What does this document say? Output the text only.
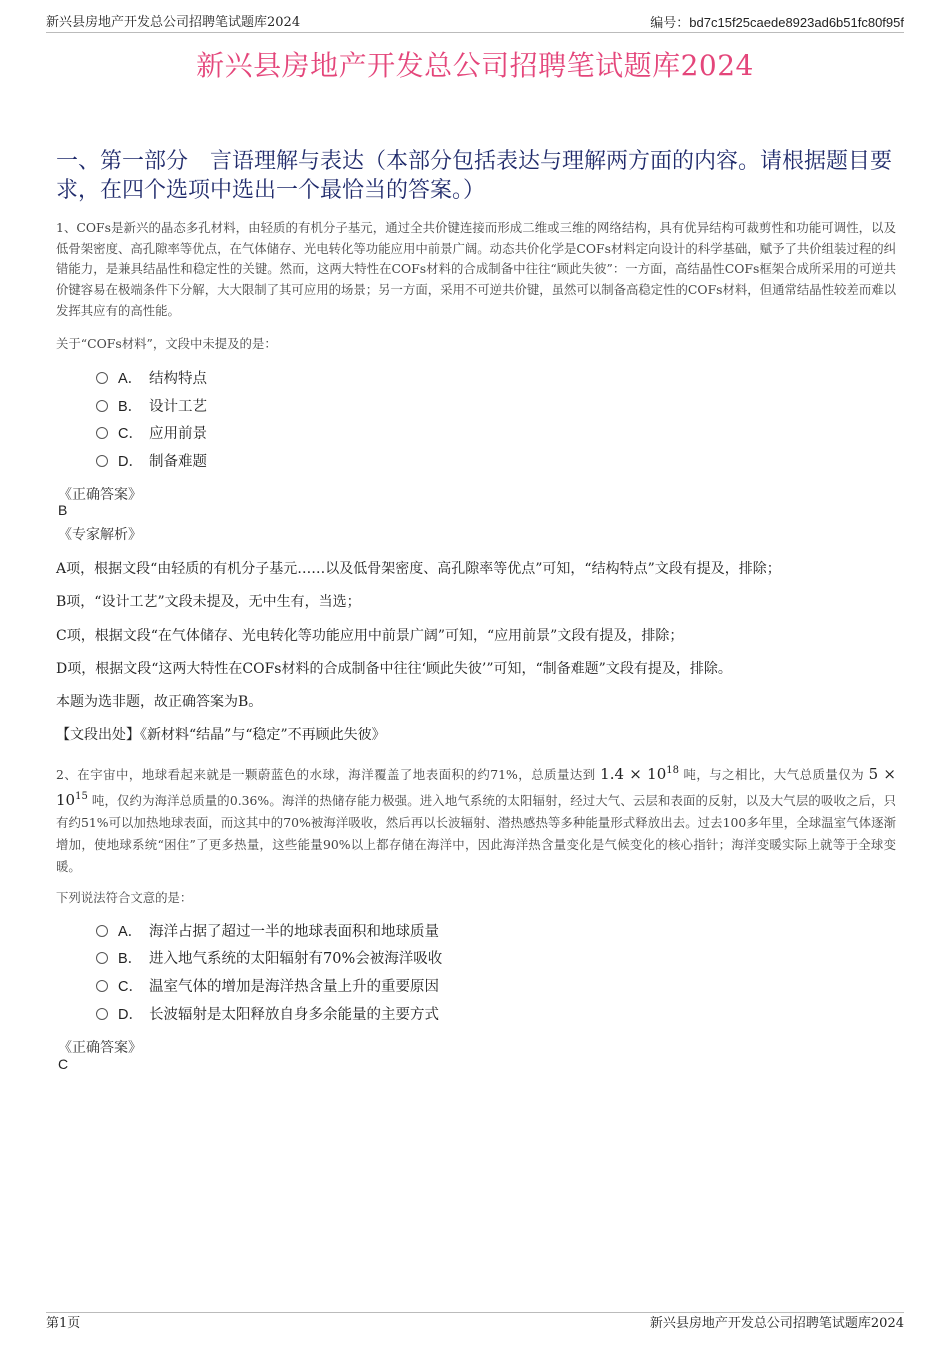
新兴县房地产开发总公司招聘笔试题库2024	编号：bd7c15f25caede8923ad6b51fc80f95f
新兴县房地产开发总公司招聘笔试题库2024
一、第一部分　言语理解与表达（本部分包括表达与理解两方面的内容。请根据题目要求，在四个选项中选出一个最恰当的答案。）
1、COFs是新兴的晶态多孔材料，由轻质的有机分子基元，通过全共价键连接而形成二维或三维的网络结构，具有优异结构可裁剪性和功能可调性，以及低骨架密度、高孔隙率等优点，在气体储存、光电转化等功能应用中前景广阔。动态共价化学是COFs材料定向设计的科学基础，赋予了共价组装过程的纠错能力，是兼具结晶性和稳定性的关键。然而，这两大特性在COFs材料的合成制备中往往“顾此失彼”：一方面，高结晶性COFs框架合成所采用的可逆共价键容易在极端条件下分解，大大限制了其可应用的场景；另一方面，采用不可逆共价键，虽然可以制备高稳定性的COFs材料，但通常结晶性较差而难以发挥其应有的高性能。
关于“COFs材料”，文段中未提及的是：
A． 结构特点
B． 设计工艺
C． 应用前景
D． 制备难题
《正确答案》
B
《专家解析》
A项，根据文段“由轻质的有机分子基元……以及低骨架密度、高孔隙率等优点”可知，“结构特点”文段有提及，排除；
B项，“设计工艺”文段未提及，无中生有，当选；
C项，根据文段“在气体储存、光电转化等功能应用中前景广阔”可知，“应用前景”文段有提及，排除；
D项，根据文段“这两大特性在COFs材料的合成制备中往往‘顾此失彼’”可知，“制备难题”文段有提及，排除。
本题为选非题，故正确答案为B。
【文段出处】《新材料“结晶”与“稳定”不再顾此失彼》
2、在宇宙中，地球看起来就是一颗蔚蓝色的水球，海洋覆盖了地表面积的约71%，总质量达到 $1.4 \times 10^{18}$ 吨，与之相比，大气总质量仅为 $5 \times 10^{15}$ 吨，仅约为海洋总质量的0.36%。海洋的热储存能力极强。进入地气系统的太阳辐射，经过大气、云层和表面的反射，以及大气层的吸收之后，只有约51%可以加热地球表面，而这其中的70%被海洋吸收，然后再以长波辐射、潜热感热等多种能量形式释放出去。过去100多年里，全球温室气体逐渐增加，使地球系统“困住”了更多热量，这些能量90%以上都存储在海洋中，因此海洋热含量变化是气候变化的核心指针；海洋变暖实际上就等于全球变暖。
下列说法符合文意的是：
A． 海洋占据了超过一半的地球表面积和地球质量
B． 进入地气系统的太阳辐射有70%会被海洋吸收
C． 温室气体的增加是海洋热含量上升的重要原因
D． 长波辐射是太阳释放自身多余能量的主要方式
《正确答案》
C
第1页	新兴县房地产开发总公司招聘笔试题库2024
